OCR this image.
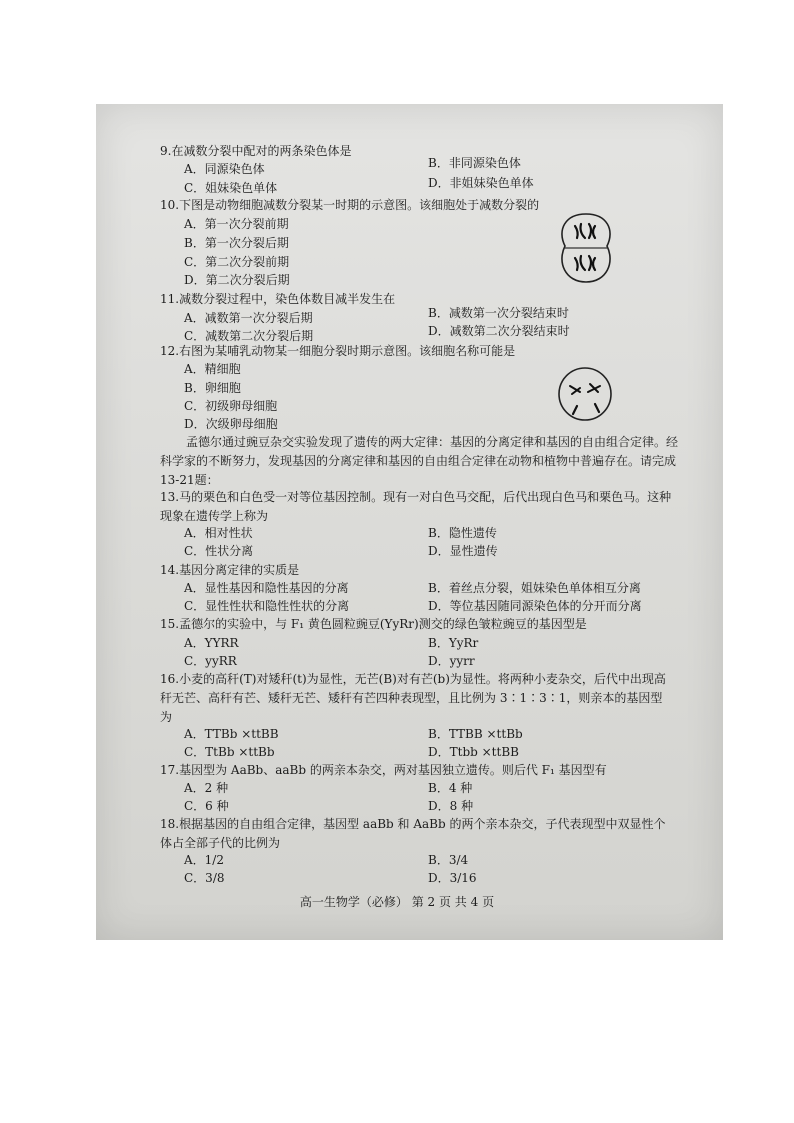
9.在减数分裂中配对的两条染色体是
A．同源染色体	B．非同源染色体
C．姐妹染色单体	D．非姐妹染色单体
10.下图是动物细胞减数分裂某一时期的示意图。该细胞处于减数分裂的
A．第一次分裂前期
B．第一次分裂后期
C．第二次分裂前期
D．第二次分裂后期
11.减数分裂过程中，染色体数目减半发生在
A．减数第一次分裂后期	B．减数第一次分裂结束时
C．减数第二次分裂后期	D．减数第二次分裂结束时
12.右图为某哺乳动物某一细胞分裂时期示意图。该细胞名称可能是
A．精细胞
B．卵细胞
C．初级卵母细胞
D．次级卵母细胞
孟德尔通过豌豆杂交实验发现了遗传的两大定律：基因的分离定律和基因的自由组合定律。经科学家的不断努力，发现基因的分离定律和基因的自由组合定律在动物和植物中普遍存在。请完成13-21题：
13.马的栗色和白色受一对等位基因控制。现有一对白色马交配，后代出现白色马和栗色马。这种现象在遗传学上称为
A．相对性状	B．隐性遗传
C．性状分离	D．显性遗传
14.基因分离定律的实质是
A．显性基因和隐性基因的分离	B．着丝点分裂，姐妹染色单体相互分离
C．显性性状和隐性性状的分离	D．等位基因随同源染色体的分开而分离
15.孟德尔的实验中，与 F₁ 黄色圆粒豌豆(YyRr)测交的绿色皱粒豌豆的基因型是
A．YYRR	B．YyRr
C．yyRR	D．yyrr
16.小麦的高秆(T)对矮秆(t)为显性，无芒(B)对有芒(b)为显性。将两种小麦杂交，后代中出现高秆无芒、高秆有芒、矮秆无芒、矮秆有芒四种表现型，且比例为 3∶1∶3∶1，则亲本的基因型为
A．TTBb ×ttBB	B．TTBB ×ttBb
C．TtBb ×ttBb	D．Ttbb ×ttBB
17.基因型为 AaBb、aaBb 的两亲本杂交，两对基因独立遗传。则后代 F₁ 基因型有
A．2 种	B．4 种
C．6 种	D．8 种
18.根据基因的自由组合定律，基因型 aaBb 和 AaBb 的两个亲本杂交，子代表现型中双显性个体占全部子代的比例为
A．1/2	B．3/4
C．3/8	D．3/16
高一生物学（必修） 第 2 页 共 4 页
